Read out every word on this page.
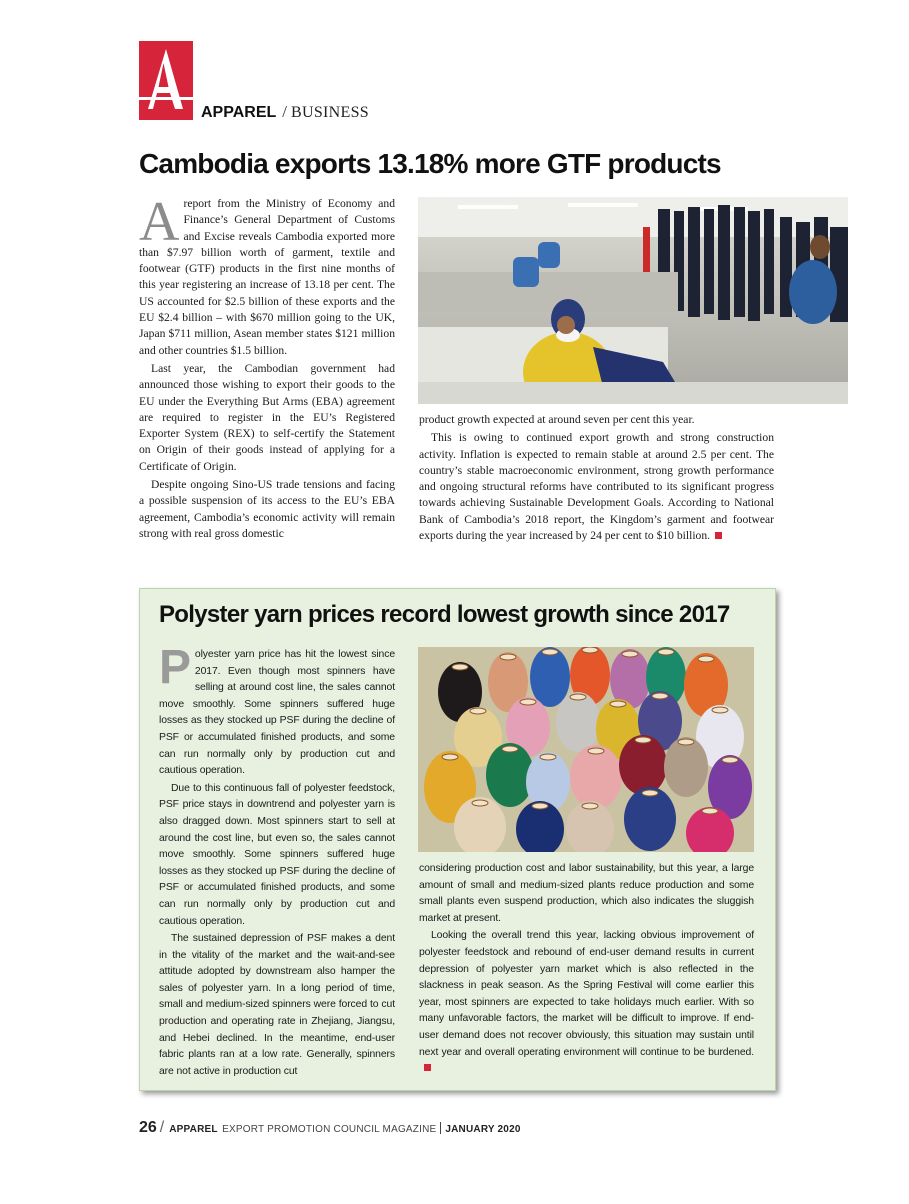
APPAREL / BUSINESS
Cambodia exports 13.18% more GTF products

Areport from the Ministry of Economy and Finance’s General Department of Customs and Excise reveals Cambodia exported more than $7.97 billion worth of garment, textile and footwear (GTF) products in the first nine months of this year registering an increase of 13.18 per cent. The US accounted for $2.5 billion of these exports and the EU $2.4 billion – with $670 million going to the UK, Japan $711 million, Asean member states $121 million and other countries $1.5 billion.

Last year, the Cambodian government had announced those wishing to export their goods to the EU under the Everything But Arms (EBA) agreement are required to register in the EU’s Registered Exporter System (REX) to self-certify the Statement on Origin of their goods instead of applying for a Certificate of Origin.

Despite ongoing Sino-US trade tensions and facing a possible suspension of its access to the EU’s EBA agreement, Cambodia’s economic activity will remain strong with real gross domestic

product growth expected at around seven per cent this year.

This is owing to continued export growth and strong construction activity. Inflation is expected to remain stable at around 2.5 per cent. The country’s stable macroeconomic environment, strong growth performance and ongoing structural reforms have contributed to its significant progress towards achieving Sustainable Development Goals. According to National Bank of Cambodia’s 2018 report, the Kingdom’s garment and footwear exports during the year increased by 24 per cent to $10 billion.

Polyster yarn prices record lowest growth since 2017

Polyester yarn price has hit the lowest since 2017. Even though most spinners have selling at around cost line, the sales cannot move smoothly. Some spinners suffered huge losses as they stocked up PSF during the decline of PSF or accumulated finished products, and some can run normally only by production cut and cautious operation.

Due to this continuous fall of polyester feedstock, PSF price stays in downtrend and polyester yarn is also dragged down. Most spinners start to sell at around the cost line, but even so, the sales cannot move smoothly. Some spinners suffered huge losses as they stocked up PSF during the decline of PSF or accumulated finished products, and some can run normally only by production cut and cautious operation.

The sustained depression of PSF makes a dent in the vitality of the market and the wait-and-see attitude adopted by downstream also hamper the sales of polyester yarn. In a long period of time, small and medium-sized spinners were forced to cut production and operating rate in Zhejiang, Jiangsu, and Hebei declined. In the meantime, end-user fabric plants ran at a low rate. Generally, spinners are not active in production cut

considering production cost and labor sustainability, but this year, a large amount of small and medium-sized plants reduce production and some small plants even suspend production, which also indicates the sluggish market at present.

Looking the overall trend this year, lacking obvious improvement of polyester feedstock and rebound of end-user demand results in current depression of polyester yarn market which is also reflected in the slackness in peak season. As the Spring Festival will come earlier this year, most spinners are expected to take holidays much earlier. With so many unfavorable factors, the market will be difficult to improve. If end-user demand does not recover obviously, this situation may sustain until next year and overall operating environment will continue to be burdened.

26 / APPAREL EXPORT PROMOTION COUNCIL MAGAZINE JANUARY 2020
